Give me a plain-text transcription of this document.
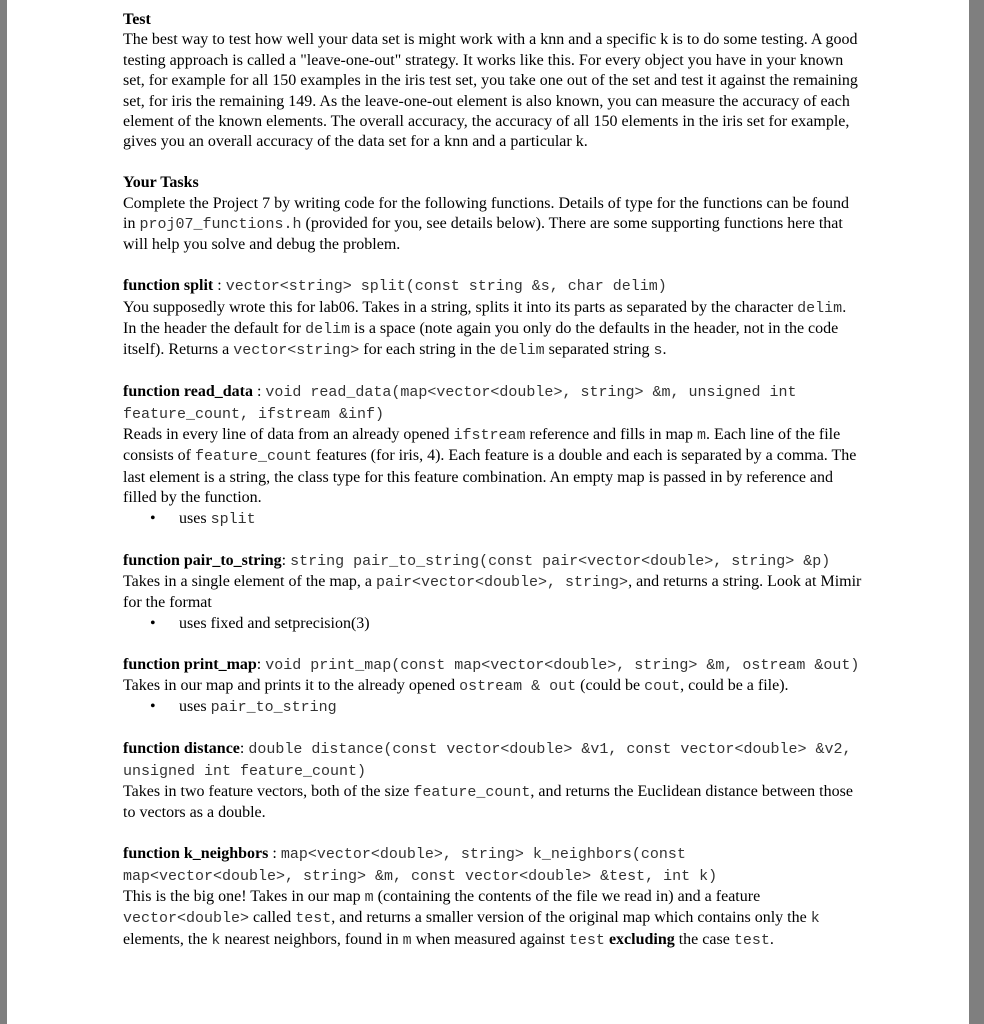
Test

The best way to test how well your data set is might work with a knn and a specific k is to do some testing. A good testing approach is called a "leave-one-out" strategy. It works like this. For every object you have in your known set, for example for all 150 examples in the iris test set, you take one out of the set and test it against the remaining set, for iris the remaining 149. As the leave-one-out element is also known, you can measure the accuracy of each element of the known elements. The overall accuracy, the accuracy of all 150 elements in the iris set for example, gives you an overall accuracy of the data set for a knn and a particular k.

Your Tasks

Complete the Project 7 by writing code for the following functions. Details of type for the functions can be found in proj07_functions.h (provided for you, see details below). There are some supporting functions here that will help you solve and debug the problem.

function split : vector<string> split(const string &s, char delim)

You supposedly wrote this for lab06. Takes in a string, splits it into its parts as separated by the character delim. In the header the default for delim is a space (note again you only do the defaults in the header, not in the code itself). Returns a vector<string> for each string in the delim separated string s.

function read_data : void read_data(map<vector<double>, string> &m, unsigned int feature_count, ifstream &inf)

Reads in every line of data from an already opened ifstream reference and fills in map m. Each line of the file consists of feature_count features (for iris, 4). Each feature is a double and each is separated by a comma. The last element is a string, the class type for this feature combination. An empty map is passed in by reference and filled by the function.

• uses split

function pair_to_string: string pair_to_string(const pair<vector<double>, string> &p)

Takes in a single element of the map, a pair<vector<double>, string>, and returns a string. Look at Mimir for the format

• uses fixed and setprecision(3)

function print_map: void print_map(const map<vector<double>, string> &m, ostream &out)

Takes in our map and prints it to the already opened ostream & out (could be cout, could be a file).

• uses pair_to_string

function distance: double distance(const vector<double> &v1, const vector<double> &v2, unsigned int feature_count)

Takes in two feature vectors, both of the size feature_count, and returns the Euclidean distance between those to vectors as a double.

function k_neighbors : map<vector<double>, string> k_neighbors(const map<vector<double>, string> &m, const vector<double> &test, int k)

This is the big one! Takes in our map m (containing the contents of the file we read in) and a feature vector<double> called test, and returns a smaller version of the original map which contains only the k elements, the k nearest neighbors, found in m when measured against test excluding the case test.
